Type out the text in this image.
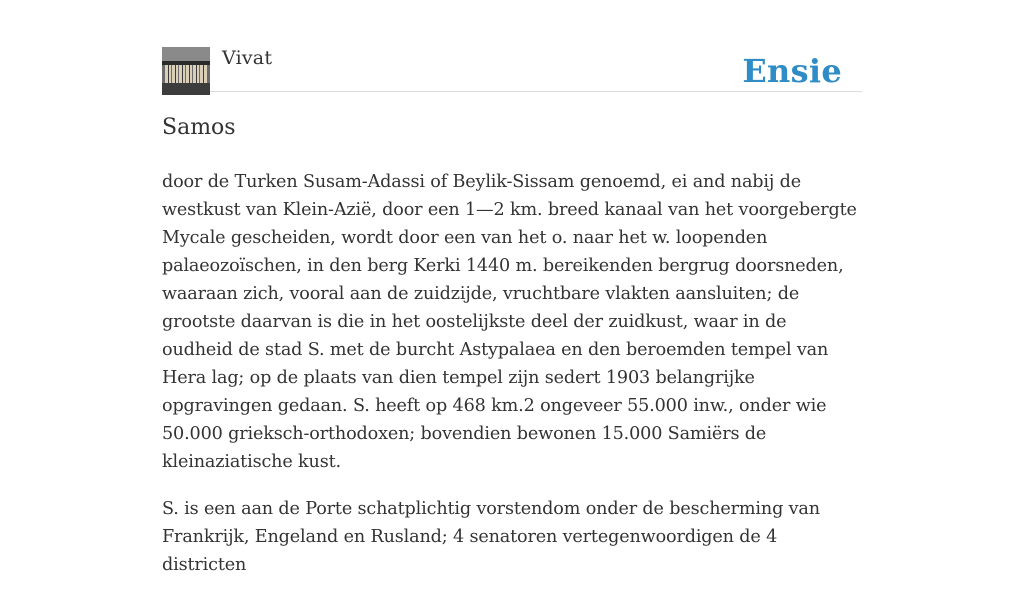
Vivat	Ensie
Samos

door de Turken Susam-Adassi of Beylik-Sissam genoemd, ei and nabij de westkust van Klein-Azië, door een 1—2 km. breed kanaal van het voorgebergte Mycale gescheiden, wordt door een van het o. naar het w. loopenden palaeozoïschen, in den berg Kerki 1440 m. bereikenden bergrug doorsneden, waaraan zich, vooral aan de zuidzijde, vruchtbare vlakten aansluiten; de grootste daarvan is die in het oostelijkste deel der zuidkust, waar in de oudheid de stad S. met de burcht Astypalaea en den beroemden tempel van Hera lag; op de plaats van dien tempel zijn sedert 1903 belangrijke opgravingen gedaan. S. heeft op 468 km.2 ongeveer 55.000 inw., onder wie 50.000 grieksch-orthodoxen; bovendien bewonen 15.000 Samiërs de kleinaziatische kust.

S. is een aan de Porte schatplichtig vorstendom onder de bescherming van Frankrijk, Engeland en Rusland; 4 senatoren vertegenwoordigen de 4 districten
